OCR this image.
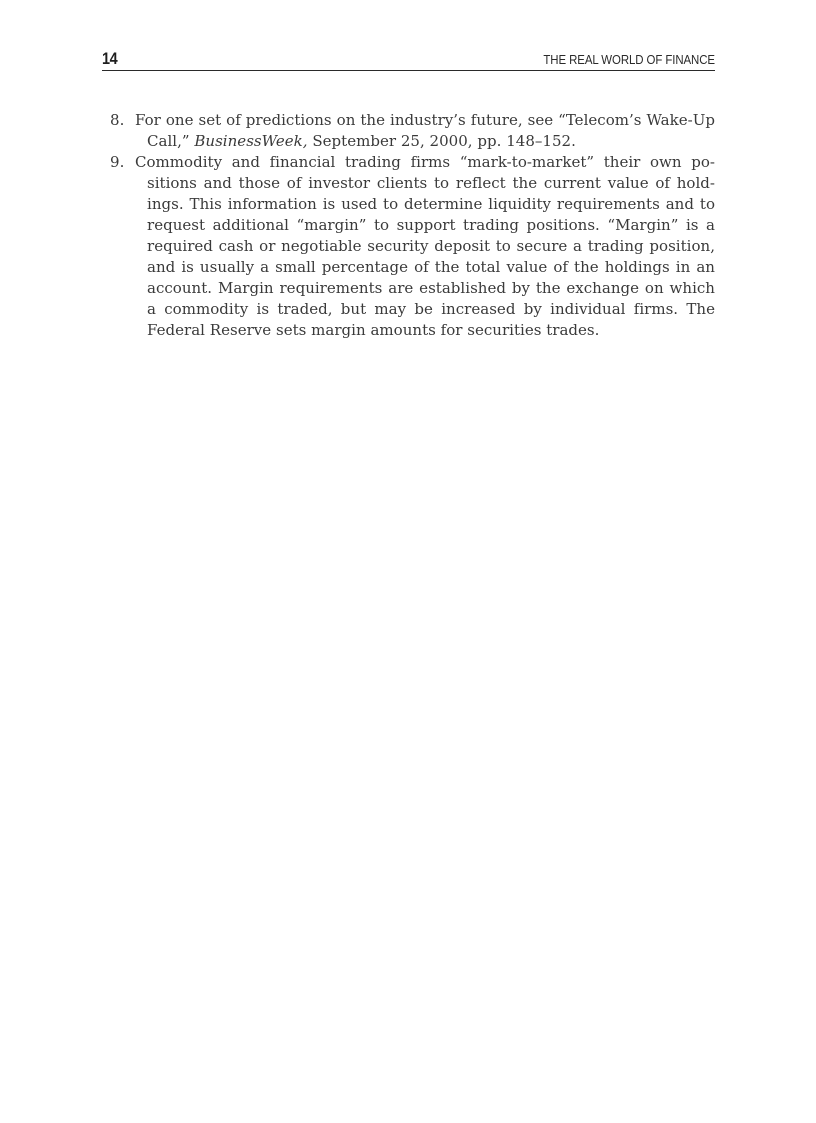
14	THE REAL WORLD OF FINANCE

8. For one set of predictions on the industry’s future, see “Telecom’s Wake-Up Call,” BusinessWeek, September 25, 2000, pp. 148–152.

9. Commodity and financial trading firms “mark-to-market” their own positions and those of investor clients to reflect the current value of holdings. This information is used to determine liquidity requirements and to request additional “margin” to support trading positions. “Margin” is a required cash or negotiable security deposit to secure a trading position, and is usually a small percentage of the total value of the holdings in an account. Margin requirements are established by the exchange on which a commodity is traded, but may be increased by individual firms. The Federal Reserve sets margin amounts for securities trades.
